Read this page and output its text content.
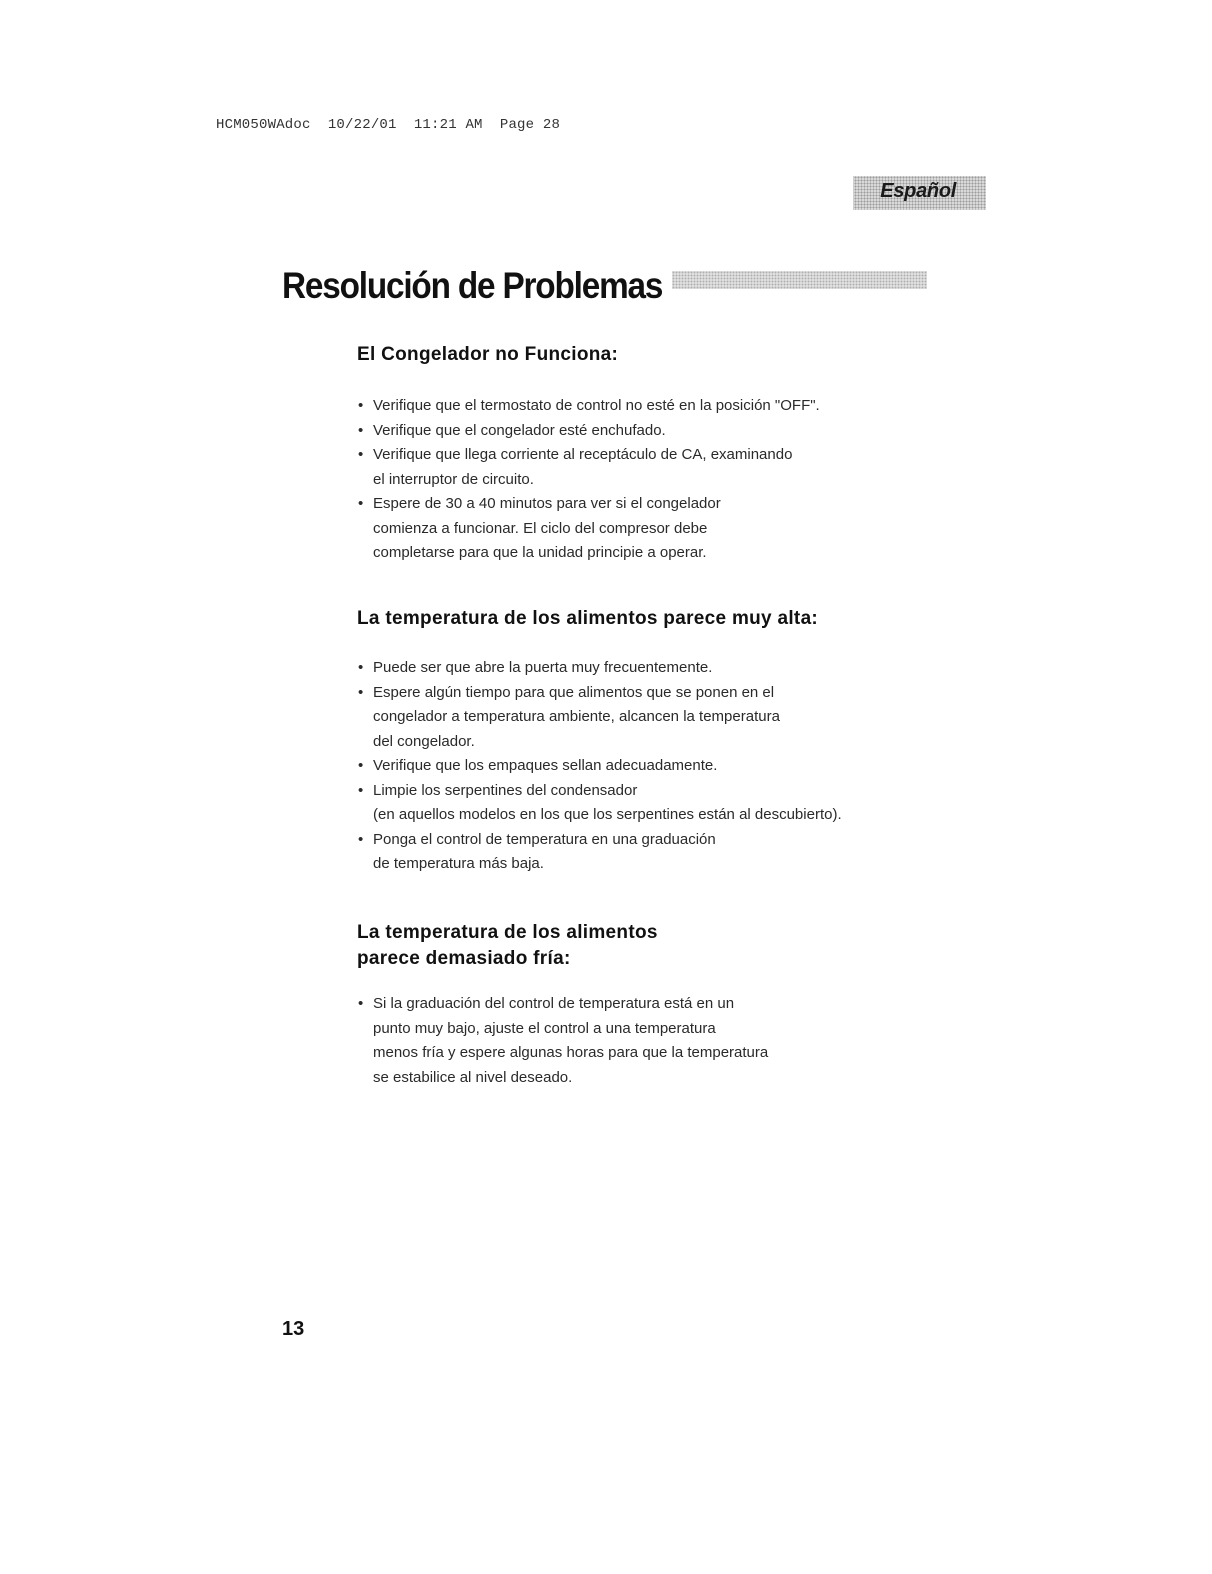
HCM050WAdoc  10/22/01  11:21 AM  Page 28
Español
Resolución de Problemas
El Congelador no Funciona:
• Verifique que el termostato de control no esté en la posición "OFF".
• Verifique que el congelador esté enchufado.
• Verifique que llega corriente al receptáculo de CA, examinando
el interruptor de circuito.
• Espere de 30 a 40 minutos para ver si el congelador
comienza a funcionar. El ciclo del compresor debe
completarse para que la unidad principie a operar.
La temperatura de los alimentos parece muy alta:
• Puede ser que abre la puerta muy frecuentemente.
• Espere algún tiempo para que alimentos que se ponen en el
congelador a temperatura ambiente, alcancen la temperatura
del congelador.
• Verifique que los empaques sellan adecuadamente.
• Limpie los serpentines del condensador
(en aquellos modelos en los que los serpentines están al descubierto).
• Ponga el control de temperatura en una graduación
de temperatura más baja.
La temperatura de los alimentos
parece demasiado fría:
• Si la graduación del control de temperatura está en un
punto muy bajo, ajuste el control a una temperatura
menos fría y espere algunas horas para que la temperatura
se estabilice al nivel deseado.
13
